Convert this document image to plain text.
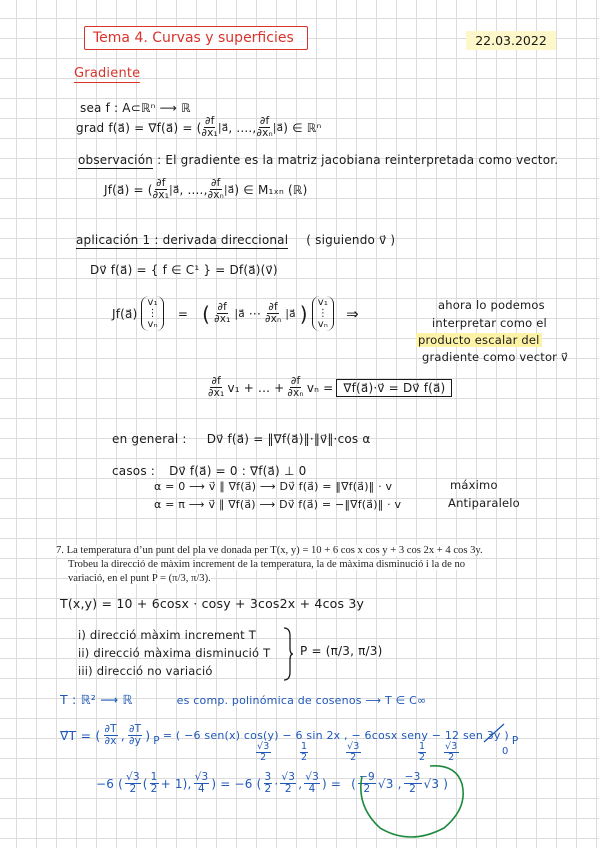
Tema 4. Curvas y superficies	22.03.2022
Gradiente
sea f : A⊂ℝⁿ ⟶ ℝ
grad f(a⃗) = ∇f(a⃗) = ( $\frac{\partial f}{\text{∂x₁}}$ |a⃗ , ...., $\frac{\partial f}{\text{∂xₙ}}$ |a⃗ ) ∈ ℝⁿ
observación : El gradiente es la matriz jacobiana reinterpretada como vector.
Jf(a⃗) = ( $\frac{\partial f}{\text{∂x₁}}$ |a⃗ , ...., $\frac{\partial f}{\text{∂xₙ}}$ |a⃗ ) ∈ M₁ₓₙ (ℝ)
aplicación 1 : derivada direccional ( siguiendo v⃗ )
Dv⃗ f(a⃗) = { f ∈ C¹ } = Df(a⃗)(v⃗)
Jf(a⃗)
v₁
⋮
vₙ
= ( $\frac{\partial f}{\text{∂x₁}}$ |a⃗ ··· $\frac{\partial f}{\text{∂xₙ}}$ |a⃗ ) v₁
⋮
vₙ
⇒	ahora lo podemos
interpretar como el
producto escalar del
gradiente como vector v⃗
$\frac{\partial f}{\text{∂x₁}} v_1$ + ... + $\frac{\partial f}{\text{∂xₙ}}$ vₙ = ∇f(a⃗)·v⃗ = Dv⃗ f(a⃗)
en general : Dv⃗ f(a⃗) = ‖∇f(a⃗)‖·‖v⃗‖·cos α
casos : Dv⃗ f(a⃗) = 0 : ∇f(a⃗) ⊥ 0
α = 0 ⟶ v⃗ ∥ ∇f(a⃗) ⟶ Dv⃗ f(a⃗) = ‖∇f(a⃗)‖ · v	máximo
α = π ⟶ v⃗ ∥ ∇f(a⃗) ⟶ Dv⃗ f(a⃗) = −‖∇f(a⃗)‖ · v	Antiparalelo
7. La temperatura d’un punt del pla ve donada per T(x, y) = 10 + 6 cos x cos y + 3 cos 2x + 4 cos 3y.
Trobeu la direcció de màxim increment de la temperatura, la de màxima disminució i la de no
variació, en el punt P = (π/3, π/3).
T(x,y) = 10 + 6cosx · cosy + 3cos2x + 4cos 3y
i) direcció màxim increment T
ii) direcció màxima disminució T
iii) direcció no variació
P = (π/3, π/3)
T : ℝ² ⟶ ℝ	es comp. polinómica de cosenos ⟶ T ∈ C∞
∇⃗T = ( $\frac{\partial T}{\partial x}$ , $\frac{\partial T}{\partial y}$ ) P = ( −6 sen(x) cos(y) − 6 sin 2x , − 6cosx seny − 12 sen 3y ) P
$\frac{√3}{2}$	$\frac{1}{2}$	$\frac{√3}{2}$	$\frac{1}{2} \frac{√3}{2}$	0
−6 ( $\frac{√3}{2}$ ( $\frac{1}{2} + 1$), $\frac{√3}{4}$ ) = −6 ( $\frac{3}{2} \cdot \frac{√3}{2}$ , $\frac{√3}{4}$ ) = ( $\frac{-9}{2} √3$ , $\frac{-3}{2} √3$ )
